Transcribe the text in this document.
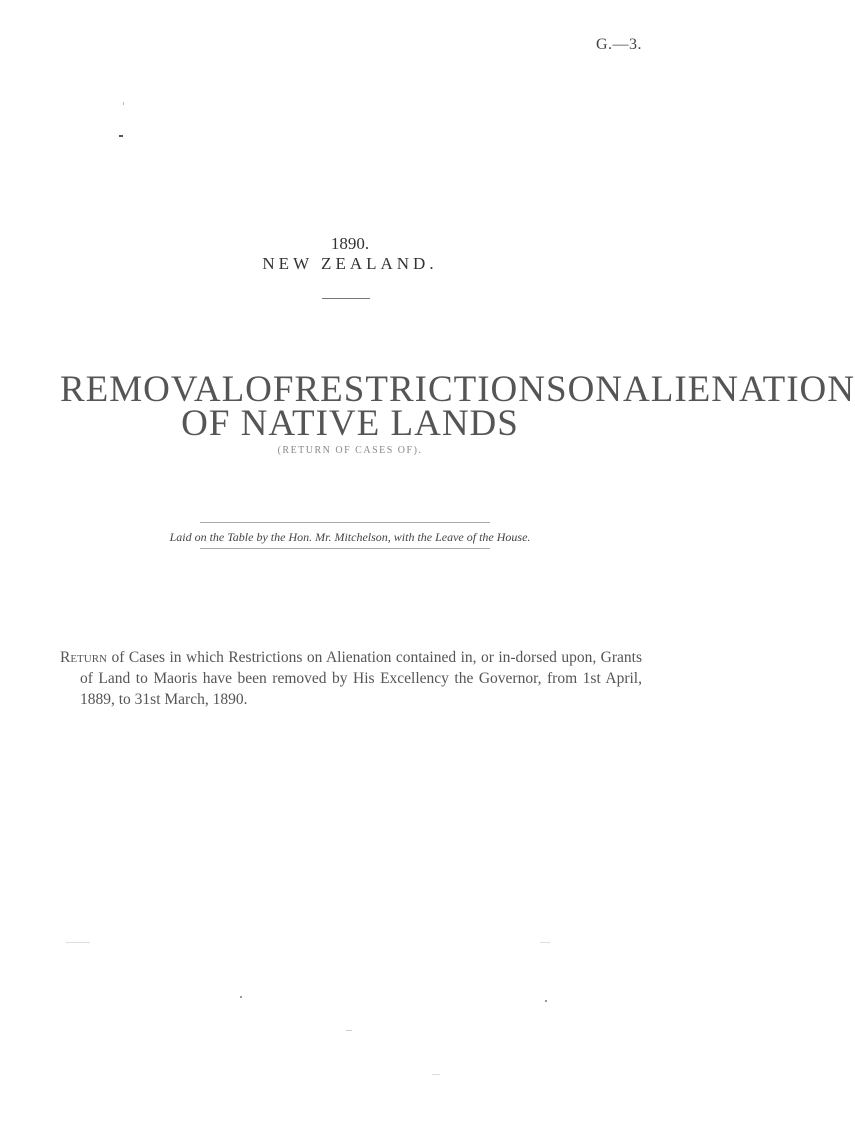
G.—3.
1890.
NEW ZEALAND.
REMOVAL OF RESTRICTIONS ON ALIENATION
OF NATIVE LANDS
(RETURN OF CASES OF).
Laid on the Table by the Hon. Mr. Mitchelson, with the Leave of the House.
Return of Cases in which Restrictions on Alienation contained in, or in-dorsed upon, Grants of Land to Maoris have been removed by His Excellency the Governor, from 1st April, 1889, to 31st March, 1890.
